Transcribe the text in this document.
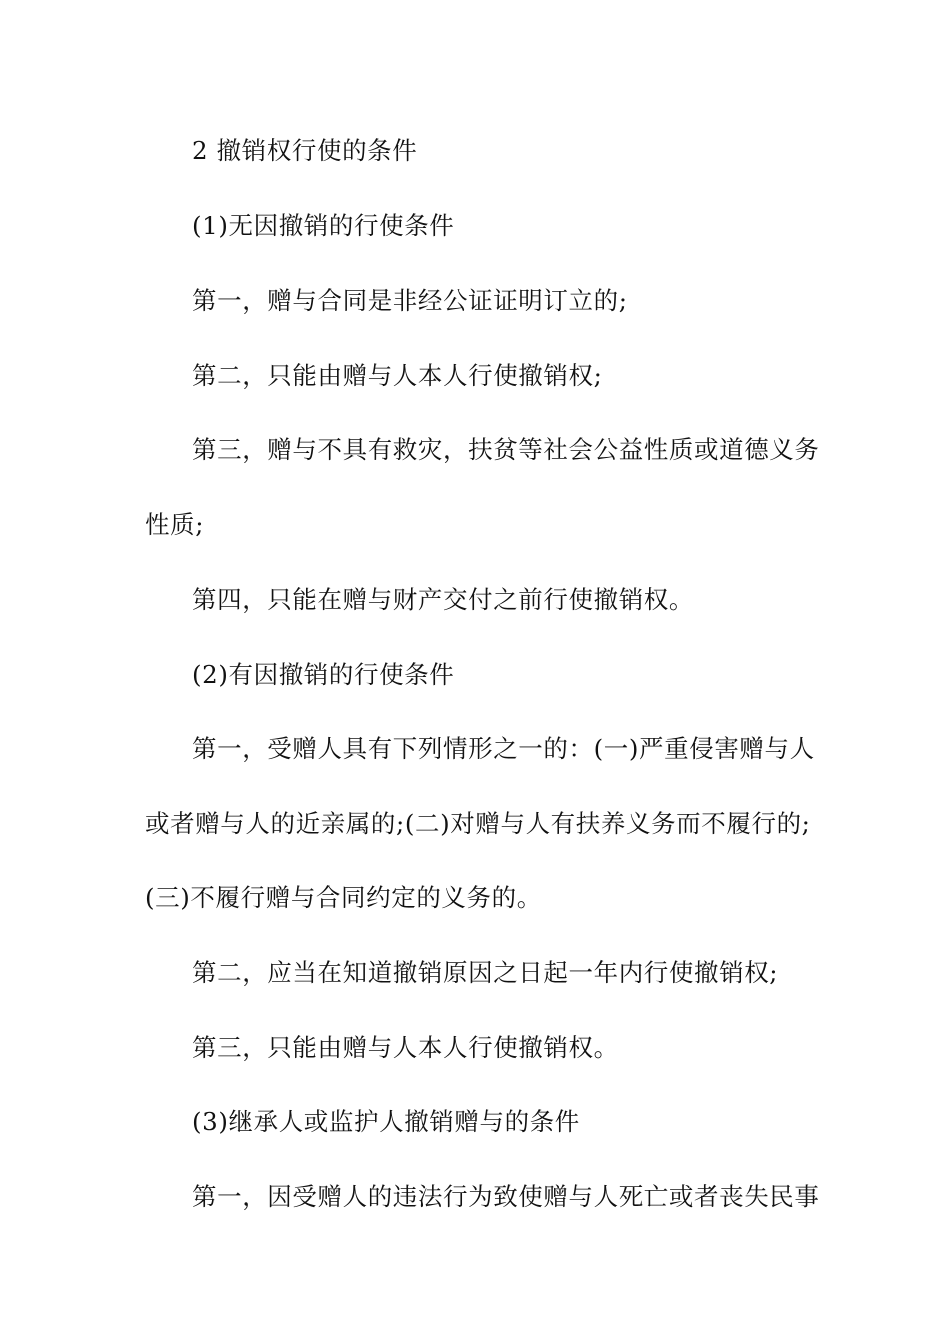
2 撤销权行使的条件
(1)无因撤销的行使条件
第一，赠与合同是非经公证证明订立的;
第二，只能由赠与人本人行使撤销权;
第三，赠与不具有救灾，扶贫等社会公益性质或道德义务
性质;
第四，只能在赠与财产交付之前行使撤销权。
(2)有因撤销的行使条件
第一，受赠人具有下列情形之一的：(一)严重侵害赠与人
或者赠与人的近亲属的;(二)对赠与人有扶养义务而不履行的;
(三)不履行赠与合同约定的义务的。
第二，应当在知道撤销原因之日起一年内行使撤销权;
第三，只能由赠与人本人行使撤销权。
(3)继承人或监护人撤销赠与的条件
第一，因受赠人的违法行为致使赠与人死亡或者丧失民事
